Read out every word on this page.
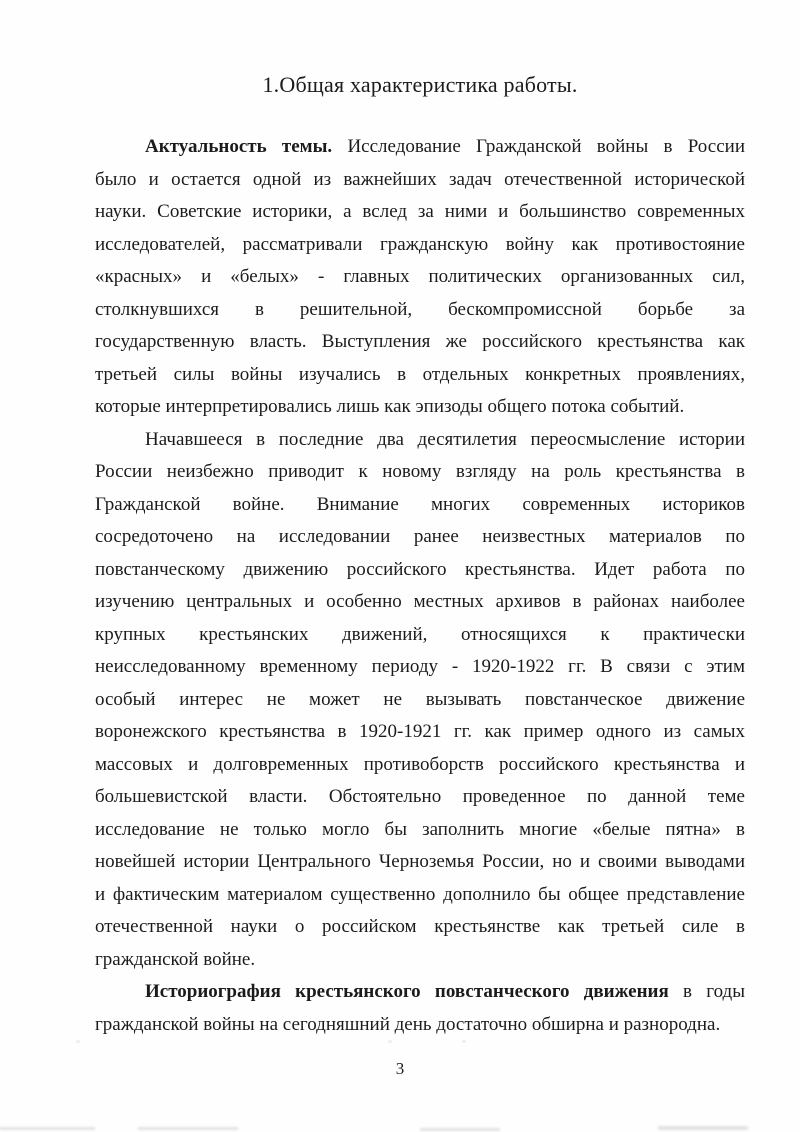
1.Общая характеристика работы.
Актуальность темы. Исследование Гражданской войны в России
было и остается одной из важнейших задач отечественной исторической
науки. Советские историки, а вслед за ними и большинство современных
исследователей, рассматривали гражданскую войну как противостояние
«красных» и «белых» - главных политических организованных сил,
столкнувшихся в решительной, бескомпромиссной борьбе за
государственную власть. Выступления же российского крестьянства как
третьей силы войны изучались в отдельных конкретных проявлениях,
которые интерпретировались лишь как эпизоды общего потока событий.
Начавшееся в последние два десятилетия переосмысление истории
России неизбежно приводит к новому взгляду на роль крестьянства в
Гражданской войне. Внимание многих современных историков
сосредоточено на исследовании ранее неизвестных материалов по
повстанческому движению российского крестьянства. Идет работа по
изучению центральных и особенно местных архивов в районах наиболее
крупных крестьянских движений, относящихся к практически
неисследованному временному периоду - 1920-1922 гг. В связи с этим
особый интерес не может не вызывать повстанческое движение
воронежского крестьянства в 1920-1921 гг. как пример одного из самых
массовых и долговременных противоборств российского крестьянства и
большевистской власти. Обстоятельно проведенное по данной теме
исследование не только могло бы заполнить многие «белые пятна» в
новейшей истории Центрального Черноземья России, но и своими выводами
и фактическим материалом существенно дополнило бы общее представление
отечественной науки о российском крестьянстве как третьей силе в
гражданской войне.
Историография крестьянского повстанческого движения в годы
гражданской войны на сегодняшний день достаточно обширна и разнородна.
3
